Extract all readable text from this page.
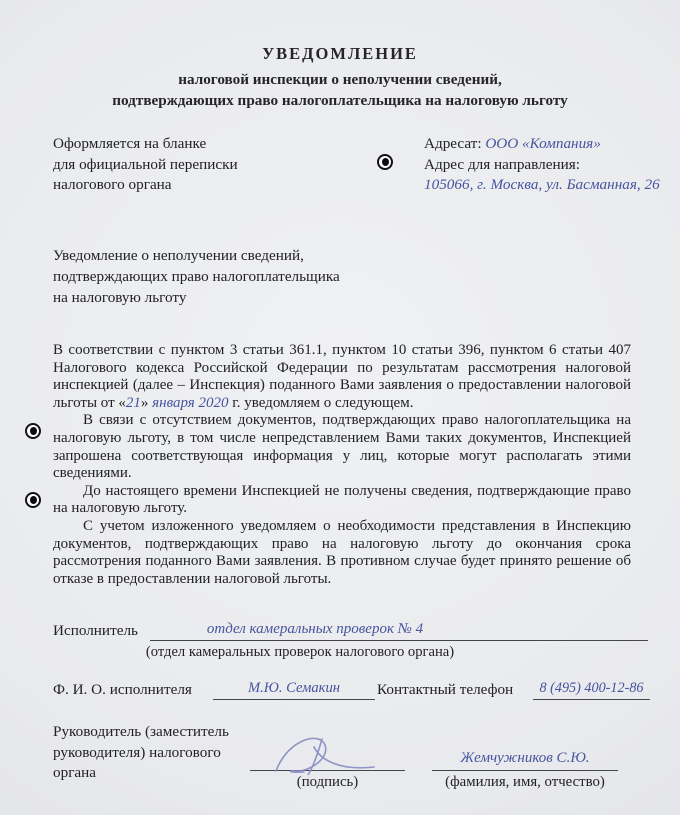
УВЕДОМЛЕНИЕ
налоговой инспекции о неполучении сведений,
подтверждающих право налогоплательщика на налоговую льготу
Оформляется на бланке
для официальной переписки
налогового органа
Адресат: ООО «Компания»
Адрес для направления:
105066, г. Москва, ул. Басманная, 26
Уведомление о неполучении сведений,
подтверждающих право налогоплательщика
на налоговую льготу

В соответствии с пунктом 3 статьи 361.1, пунктом 10 статьи 396, пунктом 6 статьи 407 Налогового кодекса Российской Федерации по результатам рассмотрения налоговой инспекцией (далее – Инспекция) поданного Вами заявления о предоставлении налоговой льготы от «21» января 2020 г. уведомляем о следующем.

В связи с отсутствием документов, подтверждающих право налогоплательщика на налоговую льготу, в том числе непредставлением Вами таких документов, Инспекцией запрошена соответствующая информация у лиц, которые могут располагать этими сведениями.

До настоящего времени Инспекцией не получены сведения, подтверждающие право на налоговую льготу.

С учетом изложенного уведомляем о необходимости представления в Инспекцию документов, подтверждающих право на налоговую льготу до окончания срока рассмотрения поданного Вами заявления. В противном случае будет принято решение об отказе в предоставлении налоговой льготы.

Исполнитель	отдел камеральных проверок № 4
(отдел камеральных проверок налогового органа)
Ф. И. О. исполнителя	М.Ю. Семакин	Контактный телефон	8 (495) 400-12-86
Руководитель (заместитель
руководителя) налогового
органа
(подпись)
Жемчужников С.Ю.
(фамилия, имя, отчество)
